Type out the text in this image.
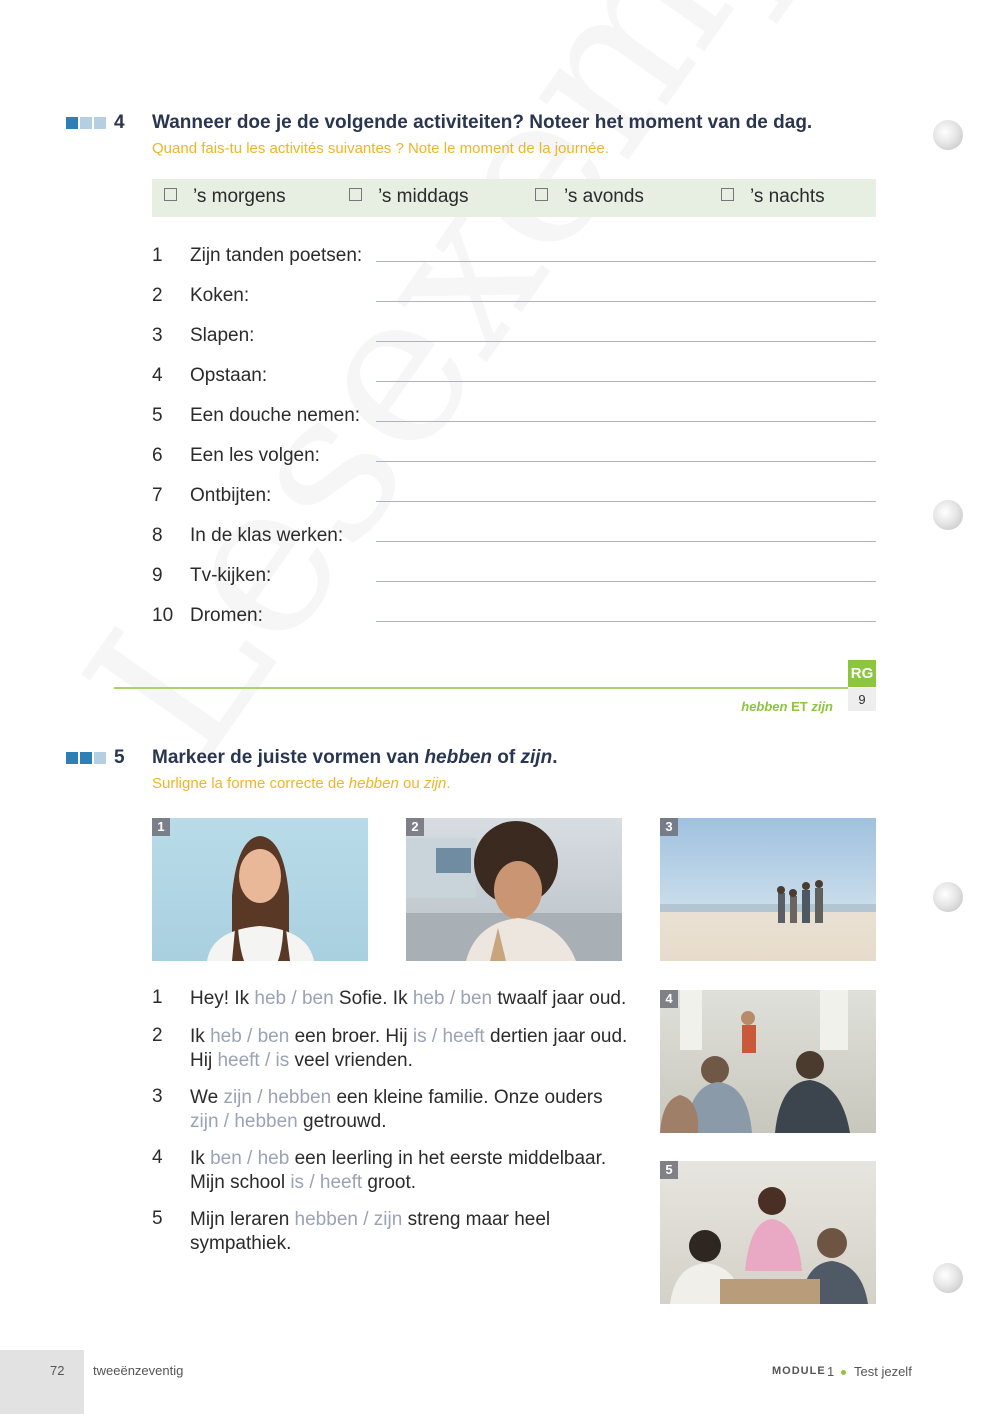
4 Wanneer doe je de volgende activiteiten? Noteer het moment van de dag.
Quand fais-tu les activités suivantes ? Note le moment de la journée.
’s morgens	’s middags	’s avonds	’s nachts
1 Zijn tanden poetsen:
2 Koken:
3 Slapen:
4 Opstaan:
5 Een douche nemen:
6 Een les volgen:
7 Ontbijten:
8 In de klas werken:
9 Tv-kijken:
10 Dromen:
RG
9
hebben ET zijn
5 Markeer de juiste vormen van hebben of zijn.
Surligne la forme correcte de hebben ou zijn.
1	2	3
4
5
1 Hey! Ik heb / ben Sofie. Ik heb / ben twaalf jaar oud.
2 Ik heb / ben een broer. Hij is / heeft dertien jaar oud. Hij heeft / is veel vrienden.
3 We zijn / hebben een kleine familie. Onze ouders zijn / hebben getrouwd.
4 Ik ben / heb een leerling in het eerste middelbaar. Mijn school is / heeft groot.
5 Mijn leraren hebben / zijn streng maar heel sympathiek.
72 tweeënzeventig	MODULE 1 Test jezelf
